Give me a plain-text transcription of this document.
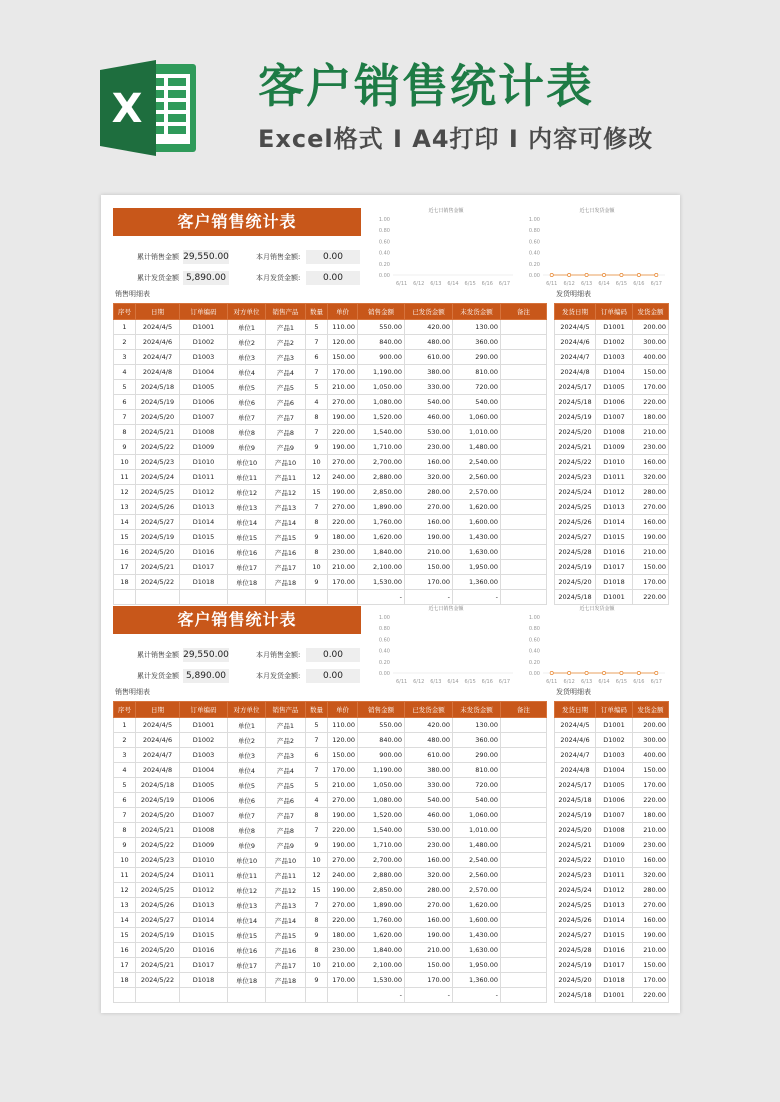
X	客户销售统计表
Excel格式 I A4打印 I 内容可修改
客户销售统计表
累计销售金额 29,550.00
累计发货金额 5,890.00
本月销售金额:	0.00
本月发货金额:	0.00
近七日销售金额
1.00
0.80
0.60
0.40
0.20
0.00
6/11 6/12 6/13 6/14 6/15 6/16 6/17
近七日发货金额
1.00
0.80
0.60
0.40
0.20
0.00
6/11 6/12 6/13 6/14 6/15 6/16 6/17
销售明细表	发货明细表
序号	日期	订单编码	对方单位	销售产品	数量	单价	销售金额	已发货金额	未发货金额	备注
1	2024/4/5	D1001	单位1	产品1	5	110.00	550.00	420.00	130.00	
2	2024/4/6	D1002	单位2	产品2	7	120.00	840.00	480.00	360.00	
3	2024/4/7	D1003	单位3	产品3	6	150.00	900.00	610.00	290.00	
4	2024/4/8	D1004	单位4	产品4	7	170.00	1,190.00	380.00	810.00	
5	2024/5/18	D1005	单位5	产品5	5	210.00	1,050.00	330.00	720.00	
6	2024/5/19	D1006	单位6	产品6	4	270.00	1,080.00	540.00	540.00	
7	2024/5/20	D1007	单位7	产品7	8	190.00	1,520.00	460.00	1,060.00	
8	2024/5/21	D1008	单位8	产品8	7	220.00	1,540.00	530.00	1,010.00	
9	2024/5/22	D1009	单位9	产品9	9	190.00	1,710.00	230.00	1,480.00	
10	2024/5/23	D1010	单位10	产品10	10	270.00	2,700.00	160.00	2,540.00	
11	2024/5/24	D1011	单位11	产品11	12	240.00	2,880.00	320.00	2,560.00	
12	2024/5/25	D1012	单位12	产品12	15	190.00	2,850.00	280.00	2,570.00	
13	2024/5/26	D1013	单位13	产品13	7	270.00	1,890.00	270.00	1,620.00	
14	2024/5/27	D1014	单位14	产品14	8	220.00	1,760.00	160.00	1,600.00	
15	2024/5/19	D1015	单位15	产品15	9	180.00	1,620.00	190.00	1,430.00	
16	2024/5/20	D1016	单位16	产品16	8	230.00	1,840.00	210.00	1,630.00	
17	2024/5/21	D1017	单位17	产品17	10	210.00	2,100.00	150.00	1,950.00	
18	2024/5/22	D1018	单位18	产品18	9	170.00	1,530.00	170.00	1,360.00	
							-	-	-	
发货日期	订单编码	发货金额
2024/4/5	D1001	200.00
2024/4/6	D1002	300.00
2024/4/7	D1003	400.00
2024/4/8	D1004	150.00
2024/5/17	D1005	170.00
2024/5/18	D1006	220.00
2024/5/19	D1007	180.00
2024/5/20	D1008	210.00
2024/5/21	D1009	230.00
2024/5/22	D1010	160.00
2024/5/23	D1011	320.00
2024/5/24	D1012	280.00
2024/5/25	D1013	270.00
2024/5/26	D1014	160.00
2024/5/27	D1015	190.00
2024/5/28	D1016	210.00
2024/5/19	D1017	150.00
2024/5/20	D1018	170.00
2024/5/18	D1001	220.00
客户销售统计表
累计销售金额 29,550.00
累计发货金额 5,890.00
本月销售金额:	0.00
本月发货金额:	0.00
近七日销售金额
1.00
0.80
0.60
0.40
0.20
0.00
6/11 6/12 6/13 6/14 6/15 6/16 6/17
近七日发货金额
1.00
0.80
0.60
0.40
0.20
0.00
6/11 6/12 6/13 6/14 6/15 6/16 6/17
销售明细表	发货明细表
序号	日期	订单编码	对方单位	销售产品	数量	单价	销售金额	已发货金额	未发货金额	备注
1	2024/4/5	D1001	单位1	产品1	5	110.00	550.00	420.00	130.00	
2	2024/4/6	D1002	单位2	产品2	7	120.00	840.00	480.00	360.00	
3	2024/4/7	D1003	单位3	产品3	6	150.00	900.00	610.00	290.00	
4	2024/4/8	D1004	单位4	产品4	7	170.00	1,190.00	380.00	810.00	
5	2024/5/18	D1005	单位5	产品5	5	210.00	1,050.00	330.00	720.00	
6	2024/5/19	D1006	单位6	产品6	4	270.00	1,080.00	540.00	540.00	
7	2024/5/20	D1007	单位7	产品7	8	190.00	1,520.00	460.00	1,060.00	
8	2024/5/21	D1008	单位8	产品8	7	220.00	1,540.00	530.00	1,010.00	
9	2024/5/22	D1009	单位9	产品9	9	190.00	1,710.00	230.00	1,480.00	
10	2024/5/23	D1010	单位10	产品10	10	270.00	2,700.00	160.00	2,540.00	
11	2024/5/24	D1011	单位11	产品11	12	240.00	2,880.00	320.00	2,560.00	
12	2024/5/25	D1012	单位12	产品12	15	190.00	2,850.00	280.00	2,570.00	
13	2024/5/26	D1013	单位13	产品13	7	270.00	1,890.00	270.00	1,620.00	
14	2024/5/27	D1014	单位14	产品14	8	220.00	1,760.00	160.00	1,600.00	
15	2024/5/19	D1015	单位15	产品15	9	180.00	1,620.00	190.00	1,430.00	
16	2024/5/20	D1016	单位16	产品16	8	230.00	1,840.00	210.00	1,630.00	
17	2024/5/21	D1017	单位17	产品17	10	210.00	2,100.00	150.00	1,950.00	
18	2024/5/22	D1018	单位18	产品18	9	170.00	1,530.00	170.00	1,360.00	
							-	-	-	
发货日期	订单编码	发货金额
2024/4/5	D1001	200.00
2024/4/6	D1002	300.00
2024/4/7	D1003	400.00
2024/4/8	D1004	150.00
2024/5/17	D1005	170.00
2024/5/18	D1006	220.00
2024/5/19	D1007	180.00
2024/5/20	D1008	210.00
2024/5/21	D1009	230.00
2024/5/22	D1010	160.00
2024/5/23	D1011	320.00
2024/5/24	D1012	280.00
2024/5/25	D1013	270.00
2024/5/26	D1014	160.00
2024/5/27	D1015	190.00
2024/5/28	D1016	210.00
2024/5/19	D1017	150.00
2024/5/20	D1018	170.00
2024/5/18	D1001	220.00
